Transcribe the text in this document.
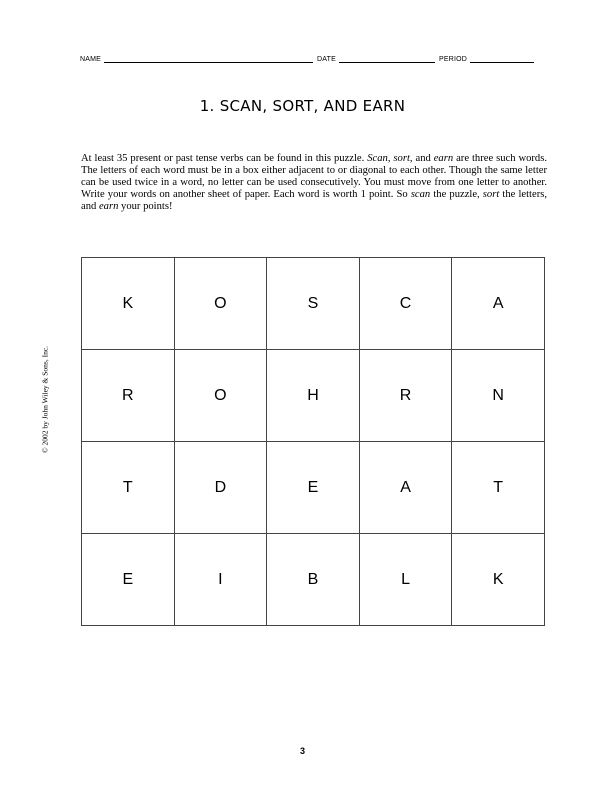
NAME	DATE	PERIOD
1. SCAN, SORT, AND EARN
At least 35 present or past tense verbs can be found in this puzzle. Scan, sort, and earn are three such words. The letters of each word must be in a box either adjacent to or diagonal to each other. Though the same letter can be used twice in a word, no letter can be used consecutively. You must move from one letter to another. Write your words on another sheet of paper. Each word is worth 1 point. So scan the puzzle, sort the letters, and earn your points!
© 2002 by John Wiley & Sons, Inc.
K	O	S	C	A
R	O	H	R	N
T	D	E	A	T
E	I	B	L	K
3
